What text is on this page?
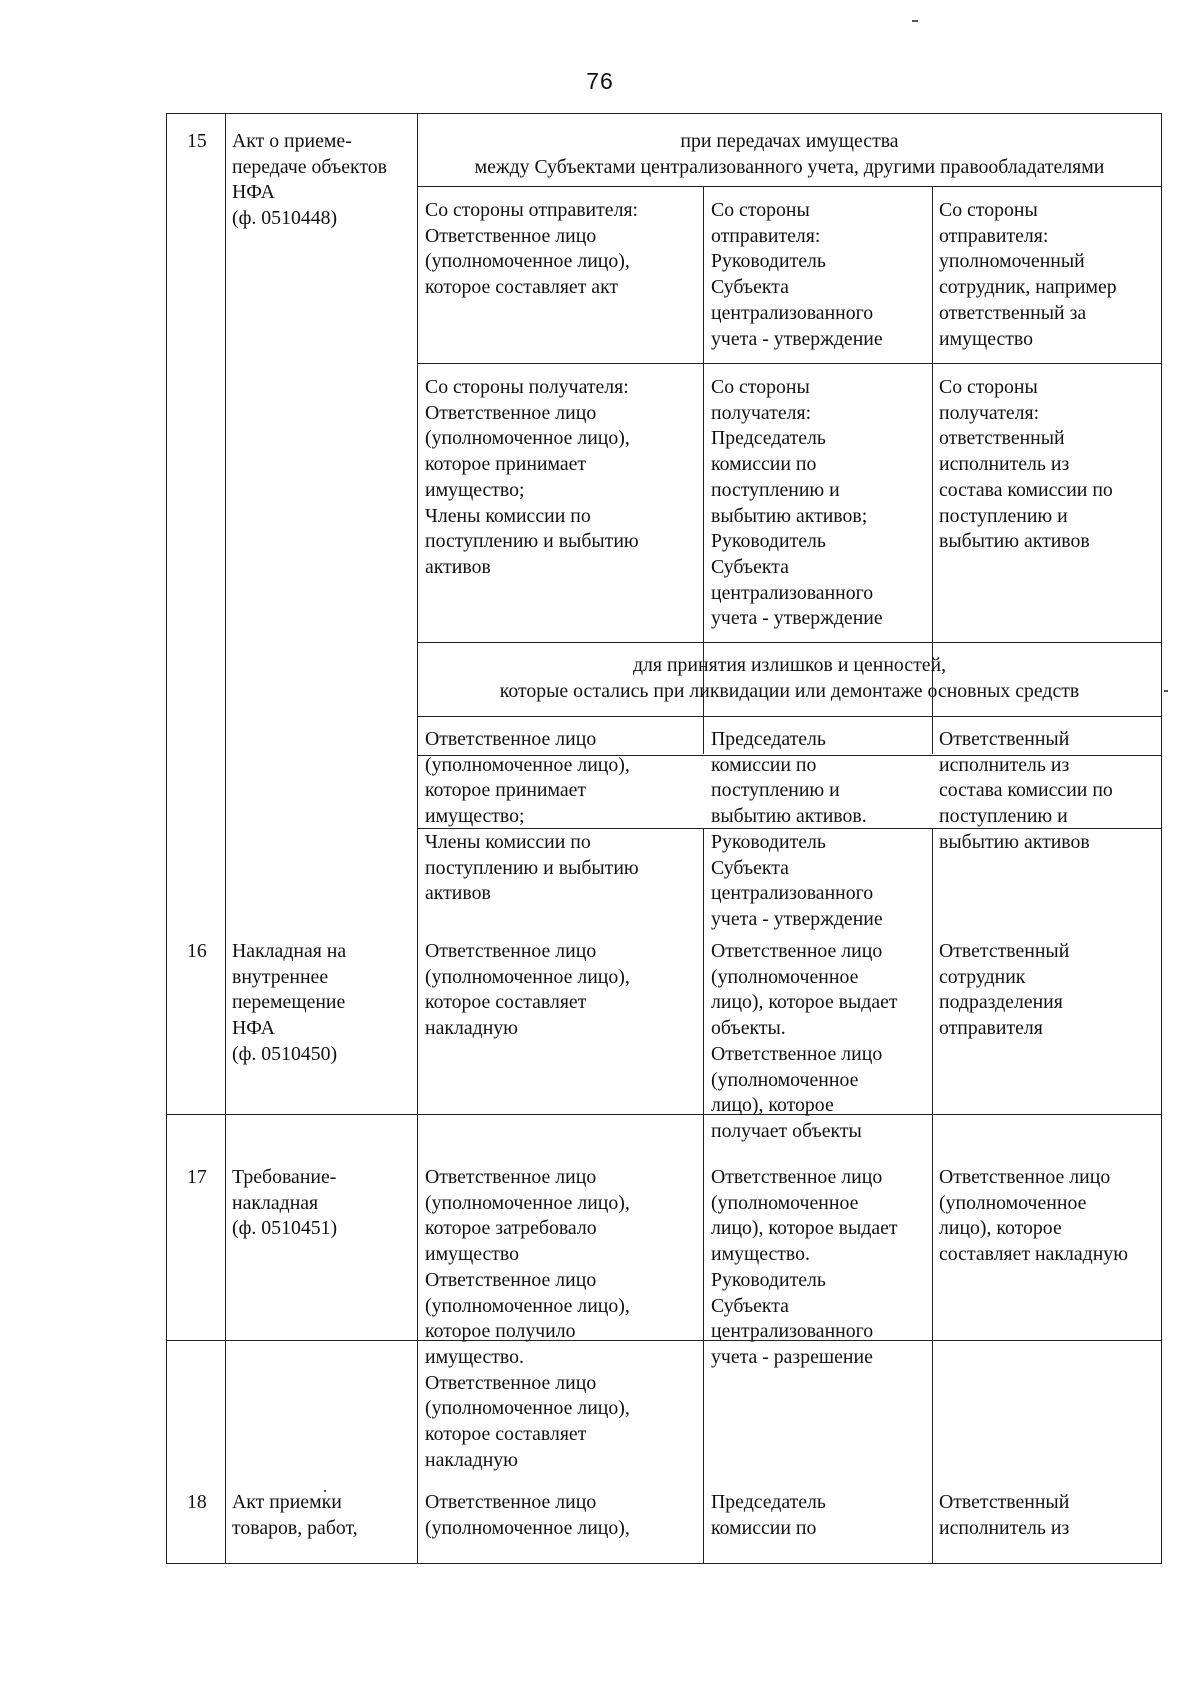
76
15 Акт о приеме-
передаче объектов
НФА
(ф. 0510448)
при передачах имущества
между Субъектами централизованного учета, другими правообладателями
Со стороны отправителя:
Ответственное лицо
(уполномоченное лицо),
которое составляет акт
Со стороны
отправителя:
Руководитель
Субъекта
централизованного
учета - утверждение
Со стороны
отправителя:
уполномоченный
сотрудник, например
ответственный за
имущество
Со стороны получателя:
Ответственное лицо
(уполномоченное лицо),
которое принимает
имущество;
Члены комиссии по
поступлению и выбытию
активов
Со стороны
получателя:
Председатель
комиссии по
поступлению и
выбытию активов;
Руководитель
Субъекта
централизованного
учета - утверждение
Со стороны
получателя:
ответственный
исполнитель из
состава комиссии по
поступлению и
выбытию активов
для принятия излишков и ценностей,
которые остались при ликвидации или демонтаже основных средств
Ответственное лицо
(уполномоченное лицо),
которое принимает
имущество;
Члены комиссии по
поступлению и выбытию
активов
Председатель
комиссии по
поступлению и
выбытию активов.
Руководитель
Субъекта
централизованного
учета - утверждение
Ответственный
исполнитель из
состава комиссии по
поступлению и
выбытию активов
16 Накладная на
внутреннее
перемещение
НФА
(ф. 0510450)
Ответственное лицо
(уполномоченное лицо),
которое составляет
накладную
Ответственное лицо
(уполномоченное
лицо), которое выдает
объекты.
Ответственное лицо
(уполномоченное
лицо), которое
получает объекты
Ответственный
сотрудник
подразделения
отправителя
17 Требование-
накладная
(ф. 0510451)
Ответственное лицо
(уполномоченное лицо),
которое затребовало
имущество
Ответственное лицо
(уполномоченное лицо),
которое получило
имущество.
Ответственное лицо
(уполномоченное лицо),
которое составляет
накладную
Ответственное лицо
(уполномоченное
лицо), которое выдает
имущество.
Руководитель
Субъекта
централизованного
учета - разрешение
Ответственное лицо
(уполномоченное
лицо), которое
составляет накладную
18 Акт приемки
товаров, работ,
Ответственное лицо
(уполномоченное лицо),
Председатель
комиссии по
Ответственный
исполнитель из
